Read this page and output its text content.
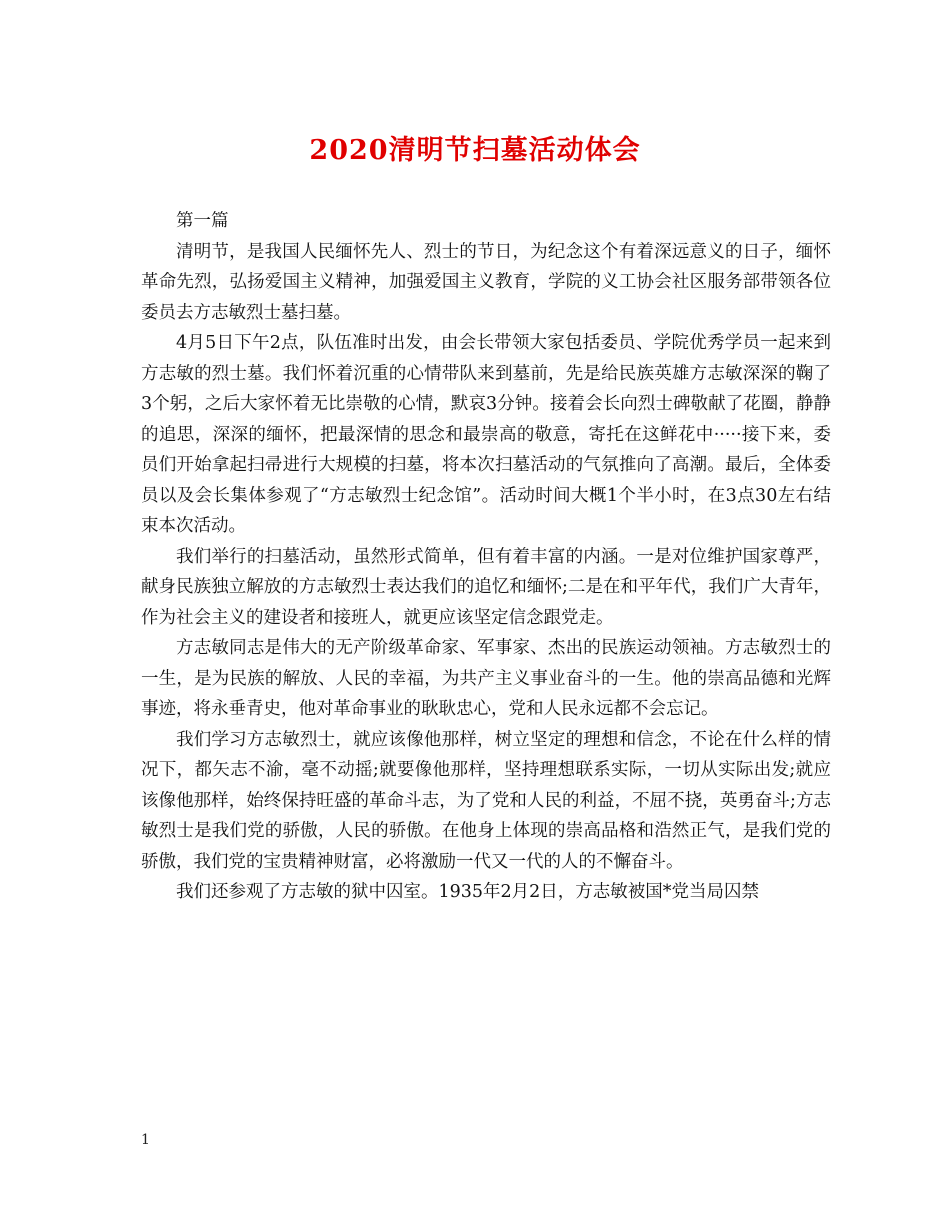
2020清明节扫墓活动体会

第一篇

清明节，是我国人民缅怀先人、烈士的节日，为纪念这个有着深远意义的日子，缅怀革命先烈，弘扬爱国主义精神，加强爱国主义教育，学院的义工协会社区服务部带领各位委员去方志敏烈士墓扫墓。

4月5日下午2点，队伍准时出发，由会长带领大家包括委员、学院优秀学员一起来到方志敏的烈士墓。我们怀着沉重的心情带队来到墓前，先是给民族英雄方志敏深深的鞠了3个躬，之后大家怀着无比崇敬的心情，默哀3分钟。接着会长向烈士碑敬献了花圈，静静的追思，深深的缅怀，把最深情的思念和最崇高的敬意，寄托在这鲜花中·····接下来，委员们开始拿起扫帚进行大规模的扫墓，将本次扫墓活动的气氛推向了高潮。最后，全体委员以及会长集体参观了“方志敏烈士纪念馆”。活动时间大概1个半小时，在3点30左右结束本次活动。

我们举行的扫墓活动，虽然形式简单，但有着丰富的内涵。一是对位维护国家尊严，献身民族独立解放的方志敏烈士表达我们的追忆和缅怀;二是在和平年代，我们广大青年，作为社会主义的建设者和接班人，就更应该坚定信念跟党走。

方志敏同志是伟大的无产阶级革命家、军事家、杰出的民族运动领袖。方志敏烈士的一生，是为民族的解放、人民的幸福，为共产主义事业奋斗的一生。他的崇高品德和光辉事迹，将永垂青史，他对革命事业的耿耿忠心，党和人民永远都不会忘记。

我们学习方志敏烈士，就应该像他那样，树立坚定的理想和信念，不论在什么样的情况下，都矢志不渝，毫不动摇;就要像他那样，坚持理想联系实际，一切从实际出发;就应该像他那样，始终保持旺盛的革命斗志，为了党和人民的利益，不屈不挠，英勇奋斗;方志敏烈士是我们党的骄傲，人民的骄傲。在他身上体现的崇高品格和浩然正气，是我们党的骄傲，我们党的宝贵精神财富，必将激励一代又一代的人的不懈奋斗。

我们还参观了方志敏的狱中囚室。1935年2月2日，方志敏被国*党当局囚禁

1
